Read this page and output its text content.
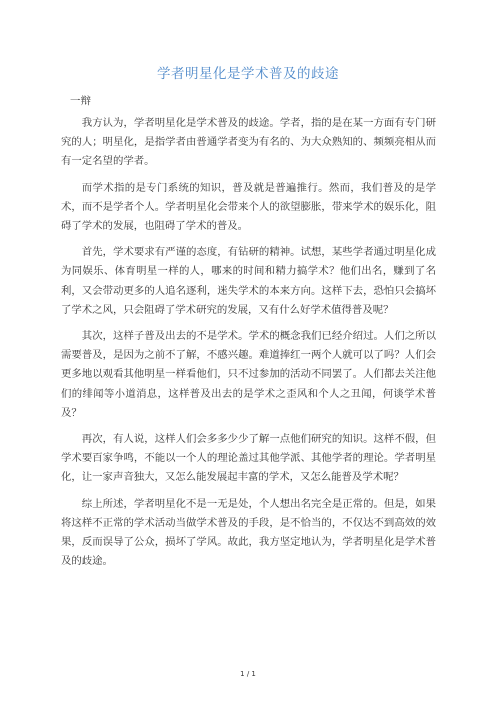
学者明星化是学术普及的歧途
一辩

我方认为，学者明星化是学术普及的歧途。学者，指的是在某一方面有专门研究的人；明星化，是指学者由普通学者变为有名的、为大众熟知的、频频亮相从而有一定名望的学者。

而学术指的是专门系统的知识，普及就是普遍推行。然而，我们普及的是学术，而不是学者个人。学者明星化会带来个人的欲望膨胀，带来学术的娱乐化，阻碍了学术的发展，也阻碍了学术的普及。

首先，学术要求有严谨的态度，有钻研的精神。试想，某些学者通过明星化成为同娱乐、体育明星一样的人，哪来的时间和精力搞学术？他们出名，赚到了名利，又会带动更多的人追名逐利，迷失学术的本来方向。这样下去，恐怕只会搞坏了学术之风，只会阻碍了学术研究的发展，又有什么好学术值得普及呢？

其次，这样子普及出去的不是学术。学术的概念我们已经介绍过。人们之所以需要普及，是因为之前不了解，不感兴趣。难道捧红一两个人就可以了吗？人们会更多地以观看其他明星一样看他们，只不过参加的活动不同罢了。人们都去关注他们的绯闻等小道消息，这样普及出去的是学术之歪风和个人之丑闻，何谈学术普及？

再次，有人说，这样人们会多多少少了解一点他们研究的知识。这样不假，但学术要百家争鸣，不能以一个人的理论盖过其他学派、其他学者的理论。学者明星化，让一家声音独大，又怎么能发展起丰富的学术，又怎么能普及学术呢？

综上所述，学者明星化不是一无是处，个人想出名完全是正常的。但是，如果将这样不正常的学术活动当做学术普及的手段，是不恰当的，不仅达不到高效的效果，反而误导了公众，损坏了学风。故此，我方坚定地认为，学者明星化是学术普及的歧途。

1 / 1
